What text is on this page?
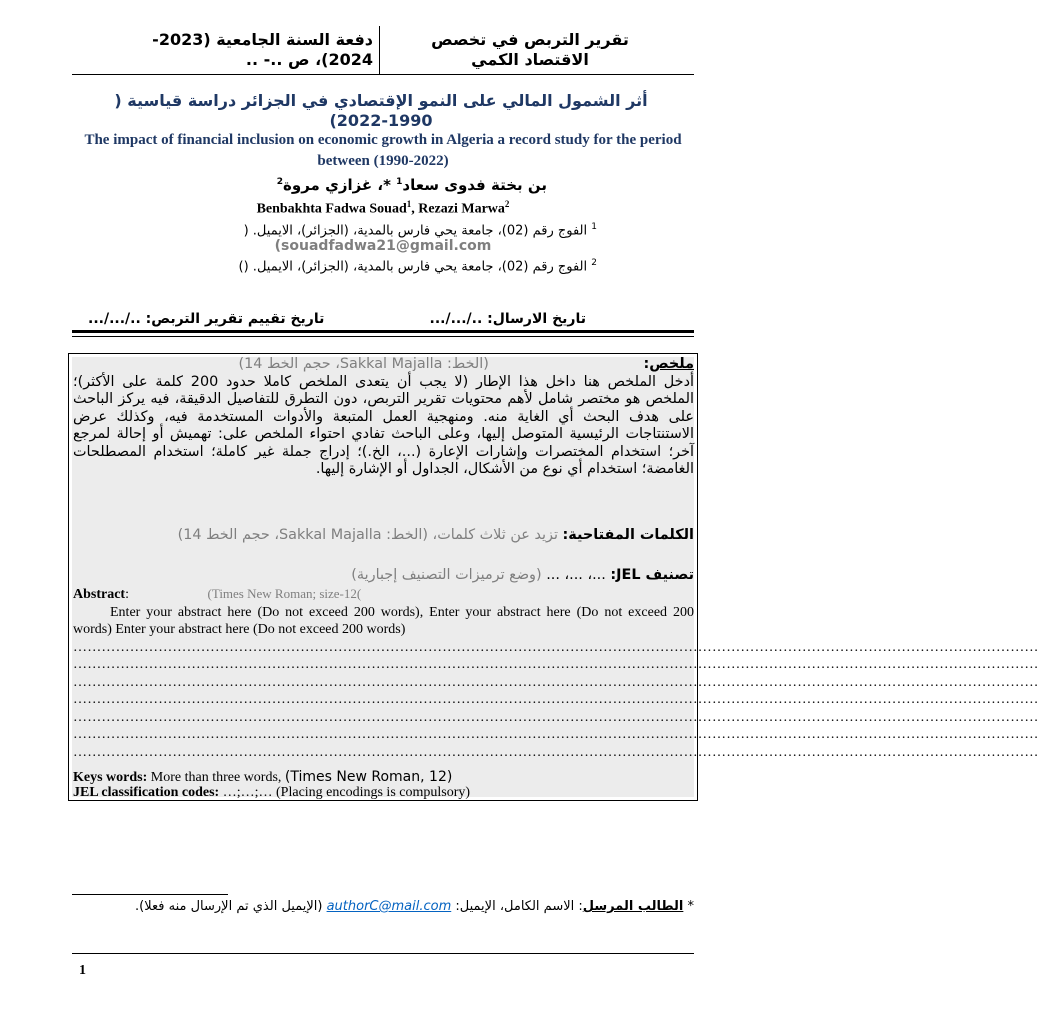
تقرير التربص في تخصص
الاقتصاد الكمي
دفعة السنة الجامعية (2023-
2024)، ص ..- ..
أثر الشمول المالي على النمو الإقتصادي في الجزائر دراسة قياسية (
2022-1990)
The impact of financial inclusion on economic growth in Algeria a record study for the period
between (1990-2022)
بن بختة فدوى سعاد$^1$ *، غزازي مروة$^2$
Benbakhta Fadwa Souad$^1$, Rezazi Marwa$^2$
$^1$ الفوج رقم (02)، جامعة يحي فارس بالمدية، (الجزائر)، الايميل. (
(souadfadwa21@gmail.com
$^2$ الفوج رقم (02)، جامعة يحي فارس بالمدية، (الجزائر)، الايميل. ()
تاريخ الارسال: ../.../...
تاريخ تقييم تقرير التربص: ../.../...
ملخص: (الخط: Sakkal Majalla، حجم الخط 14)
أدخل الملخص هنا داخل هذا الإطار (لا يجب أن يتعدى الملخص كاملا حدود 200 كلمة على الأكثر)؛ الملخص هو مختصر شامل لأهم محتويات تقرير التربص، دون التطرق للتفاصيل الدقيقة، فيه يركز الباحث على هدف البحث أي الغاية منه. ومنهجية العمل المتبعة والأدوات المستخدمة فيه، وكذلك عرض الاستنتاجات الرئيسية المتوصل إليها، وعلى الباحث تفادي احتواء الملخص على: تهميش أو إحالة لمرجع آخر؛ استخدام المختصرات وإشارات الإعارة (...، الخ.)؛ إدراج جملة غير كاملة؛ استخدام المصطلحات الغامضة؛ استخدام أي نوع من الأشكال، الجداول أو الإشارة إليها.
الكلمات المفتاحية: تزيد عن ثلاث كلمات، (الخط: Sakkal Majalla، حجم الخط 14)
تصنيف JEL: ...، ...، ... (وضع ترميزات التصنيف إجبارية)
Abstract:	(Times New Roman; size-12(
Enter your abstract here (Do not exceed 200 words), Enter your abstract here (Do not exceed 200 words) Enter your abstract here (Do not exceed 200 words)
……………………………………………………………………………………………………………………………………………………………………………………
……………………………………………………………………………………………………………………………………………………………………………………
……………………………………………………………………………………………………………………………………………………………………………………
……………………………………………………………………………………………………………………………………………………………………………………
……………………………………………………………………………………………………………………………………………………………………………………
……………………………………………………………………………………………………………………………………………………………………………………
……………………………………………………………………………………………………………………………………………………………………………………
Keys words: More than three words, (Times New Roman, 12)
JEL classification codes: …;…;… (Placing encodings is compulsory)
* الطالب المرسل: الاسم الكامل، الإيميل: authorC@mail.com (الإيميل الذي تم الإرسال منه فعلا).
1
